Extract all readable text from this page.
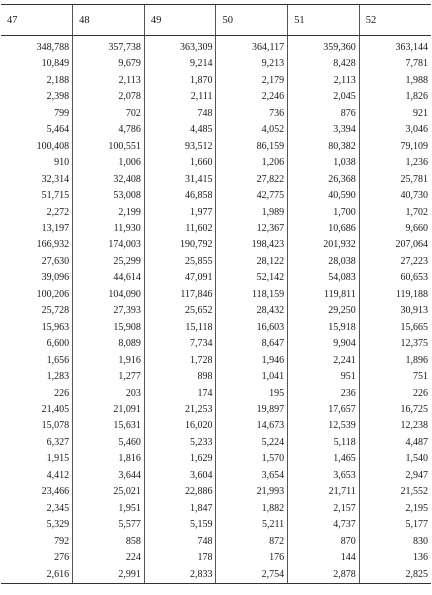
47	48	49	50	51	52
348,788	357,738	363,309	364,117	359,360	363,144
10,849	9,679	9,214	9,213	8,428	7,781
2,188	2,113	1,870	2,179	2,113	1,988
2,398	2,078	2,111	2,246	2,045	1,826
799	702	748	736	876	921
5,464	4,786	4,485	4,052	3,394	3,046
100,408	100,551	93,512	86,159	80,382	79,109
910	1,006	1,660	1,206	1,038	1,236
32,314	32,408	31,415	27,822	26,368	25,781
51,715	53,008	46,858	42,775	40,590	40,730
2,272	2,199	1,977	1,989	1,700	1,702
13,197	11,930	11,602	12,367	10,686	9,660
166,932	174,003	190,792	198,423	201,932	207,064
27,630	25,299	25,855	28,122	28,038	27,223
39,096	44,614	47,091	52,142	54,083	60,653
100,206	104,090	117,846	118,159	119,811	119,188
25,728	27,393	25,652	28,432	29,250	30,913
15,963	15,908	15,118	16,603	15,918	15,665
6,600	8,089	7,734	8,647	9,904	12,375
1,656	1,916	1,728	1,946	2,241	1,896
1,283	1,277	898	1,041	951	751
226	203	174	195	236	226
21,405	21,091	21,253	19,897	17,657	16,725
15,078	15,631	16,020	14,673	12,539	12,238
6,327	5,460	5,233	5,224	5,118	4,487
1,915	1,816	1,629	1,570	1,465	1,540
4,412	3,644	3,604	3,654	3,653	2,947
23,466	25,021	22,886	21,993	21,711	21,552
2,345	1,951	1,847	1,882	2,157	2,195
5,329	5,577	5,159	5,211	4,737	5,177
792	858	748	872	870	830
276	224	178	176	144	136
2,616	2,991	2,833	2,754	2,878	2,825
